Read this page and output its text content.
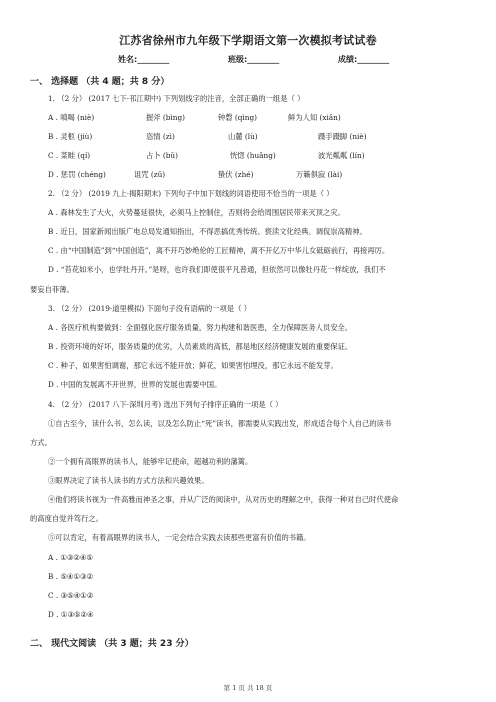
江苏省徐州市九年级下学期语文第一次模拟考试试卷
姓名:________	班级:________	成绩:________
一、 选择题 （共 4 题；共 8 分）
1. （2 分） (2017 七下·邗江期中) 下列划线字的注音，全部正确的一组是（ ）
A . 嗔喝 (niè)	握斧 (bìng)	钟磬 (qìng)	鲜为人知 (xiǎn)
B . 灵柩 (jiù)	恣情 (zì)	山麓 (lù)	蹑手蹑脚 (niè)
C . 菜畦 (qí)	占卜 (bǔ)	恍惚 (huǎng)	波光粼粼 (lín)
D . 惩罚 (chéng)	诅咒 (zǔ)	蛰伏 (zhé)	万籁俱寂 (lài)
2. （2 分） (2019 九上·揭阳期末) 下列句子中加下划线的词语使用不恰当的一项是（ ）
A . 森林发生了大火，火势蔓延很快，必须马上控制住，否则将会给周围居民带来灭顶之灾。
B . 近日，国家新闻出版广电总局发通知指出，不得恶搞优秀传统、亵渎文化经典、调侃崇高精神。
C . 由“中国制造”到“中国创造”，离不开巧妙绝伦的工匠精神，离不开亿万中华儿女砥砺前行，再接再厉。
D . “苔花如米小，也学牡丹开。”是呀，也许我们即使很平凡普通，但依然可以像牡丹花一样绽放，我们不
要妄自菲薄。
3. （2 分） (2019·道里模拟) 下面句子没有语病的一项是（ ）
A . 各医疗机构要做到：全面强化医疗服务质量，努力构建和谐医患，全力保障医务人员安全。
B . 投资环境的好坏，服务质量的优劣，人员素质的高低，都是地区经济健康发展的重要保证。
C . 种子，如果害怕调谢，那它永远不能开放；鲜花，如果害怕埋没，那它永远不能发芽。
D . 中国的发展离不开世界，世界的发展也需要中国。
4. （2 分） (2017 八下·深圳月考) 选出下列句子排序正确的一项是（ ）
①自古至今，读什么书，怎么读，以及怎么防止“死”读书，都需要从实践出发，形成适合每个人自己的读书
方式。
②一个拥有高眼界的读书人，能够牢记使命，超越功利的藩篱。
③眼界决定了读书人读书的方式方法和兴趣效果。
④他们将读书视为一件高雅而神圣之事，并从广泛的阅读中，从对历史的理解之中，获得一种对自己时代使命
的高度自觉并笃行之。
⑤可以肯定，有着高眼界的读书人，一定会结合实践去读那些更富有价值的书籍。
A . ①③②④⑤
B . ⑤④①③②
C . ③⑤④①②
D . ①③⑤②④
二、 现代文阅读 （共 3 题；共 23 分）
第 1 页 共 18 页
